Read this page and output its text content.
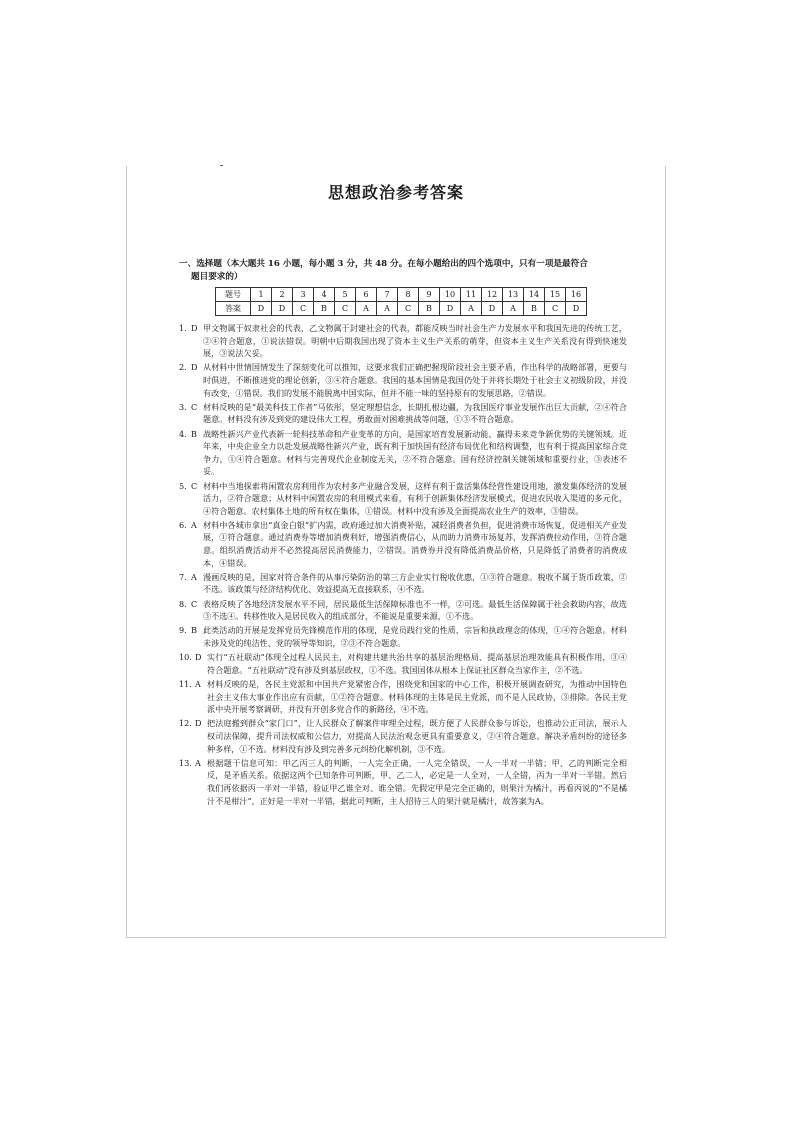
思想政治参考答案
一、选择题（本大题共 16 小题，每小题 3 分，共 48 分。在每小题给出的四个选项中，只有一项是最符合
题目要求的）
题号	1	2	3	4	5	6	7	8	9	10	11	12	13	14	15	16
答案	D	D	C	B	C	A	A	C	B	D	A	D	A	B	C	D
1. D 甲文物属于奴隶社会的代表，乙文物属于封建社会的代表，都能反映当时社会生产力发展水平和我国先进的传统工艺，②④符合题意，①说法错误。明朝中后期我国出现了资本主义生产关系的萌芽，但资本主义生产关系没有得到快速发展，③说法欠妥。
2. D 从材料中世情国情发生了深刻变化可以推知，这要求我们正确把握现阶段社会主要矛盾，作出科学的战略部署，更要与时俱进，不断推进党的理论创新，③④符合题意。我国的基本国情是我国仍处于并将长期处于社会主义初级阶段，并没有改变，①错误。我们的发展不能脱离中国实际，但并不能一味的坚持原有的发展思路，②错误。
3. C 材料反映的是“最美科技工作者”马依彤，坚定理想信念，长期扎根边疆，为我国医疗事业发展作出巨大贡献，②④符合题意。材料没有涉及到党的建设伟大工程，勇敢面对困难挑战等问题，①③不符合题意。
4. B 战略性新兴产业代表新一轮科技革命和产业变革的方向，是国家培育发展新动能、赢得未来竞争新优势的关键领域。近年来，中央企业全力以赴发展战略性新兴产业，既有利于加快国有经济布局优化和结构调整，也有利于提高国家综合竞争力，①④符合题意。材料与完善现代企业制度无关，②不符合题意。国有经济控制关键领域和重要行业，③表述不妥。
5. C 材料中当地探索将闲置农房利用作为农村多产业融合发展，这样有利于盘活集体经营性建设用地，激发集体经济的发展活力，②符合题意；从材料中闲置农房的利用模式来看，有利于创新集体经济发展模式，促进农民收入渠道的多元化，④符合题意。农村集体土地的所有权在集体，①错误。材料中没有涉及全面提高农业生产的效率，③错误。
6. A 材料中各城市拿出“真金白银”扩内需，政府通过加大消费补贴，减轻消费者负担，促进消费市场恢复，促进相关产业发展，①符合题意。通过消费券等增加消费利好，增强消费信心，从而助力消费市场复苏，发挥消费拉动作用，③符合题意。组织消费活动并不必然提高居民消费能力，②错误。消费券并没有降低消费品价格，只是降低了消费者的消费成本，④错误。
7. A 漫画反映的是，国家对符合条件的从事污染防治的第三方企业实行税收优惠，①③符合题意。税收不属于货币政策，②不选。该政策与经济结构优化、效益提高无直接联系，④不选。
8. C 表格反映了各地经济发展水平不同，居民最低生活保障标准也不一样，②可选。最低生活保障属于社会救助内容，故选③不选④。转移性收入是居民收入的组成部分，不能说是重要来源，①不选。
9. B 此类活动的开展是发挥党员先锋模范作用的体现，是党员践行党的性质、宗旨和执政理念的体现，①④符合题意。材料未涉及党的纯洁性、党的领导等知识，②③不符合题意。
10. D 实行“五社联动”体现全过程人民民主，对构建共建共治共享的基层治理格局、提高基层治理效能具有积极作用，③④符合题意。“五社联动”没有涉及到基层政权，①不选。我国国体从根本上保证社区群众当家作主，②不选。
11. A 材料反映的是，各民主党派和中国共产党紧密合作，围绕党和国家的中心工作，积极开展调查研究，为推动中国特色社会主义伟大事业作出应有贡献，①②符合题意。材料体现的主体是民主党派，而不是人民政协，③排除。各民主党派中央开展考察调研，并没有开创多党合作的新路径，④不选。
12. D 把法庭搬到群众“家门口”，让人民群众了解案件审理全过程，既方便了人民群众参与诉讼，也推动公正司法，展示人权司法保障，提升司法权威和公信力，对提高人民法治观念更具有重要意义，②④符合题意。解决矛盾纠纷的途径多种多样，①不选。材料没有涉及到完善多元纠纷化解机制，③不选。
13. A 根据题干信息可知：甲乙丙三人的判断，一人完全正确，一人完全错误，一人一半对一半错；甲、乙的判断完全相反，是矛盾关系。依据这两个已知条件可判断，甲、乙二人，必定是一人全对，一人全错，丙为一半对一半错。然后我们再依据丙一半对一半错，验证甲乙谁全对、谁全错。先假定甲是完全正确的，则果汁为橘汁，再看丙说的“不是橘汁不是柑汁”，正好是一半对一半错，据此可判断，主人招待三人的果汁就是橘汁，故答案为A。
